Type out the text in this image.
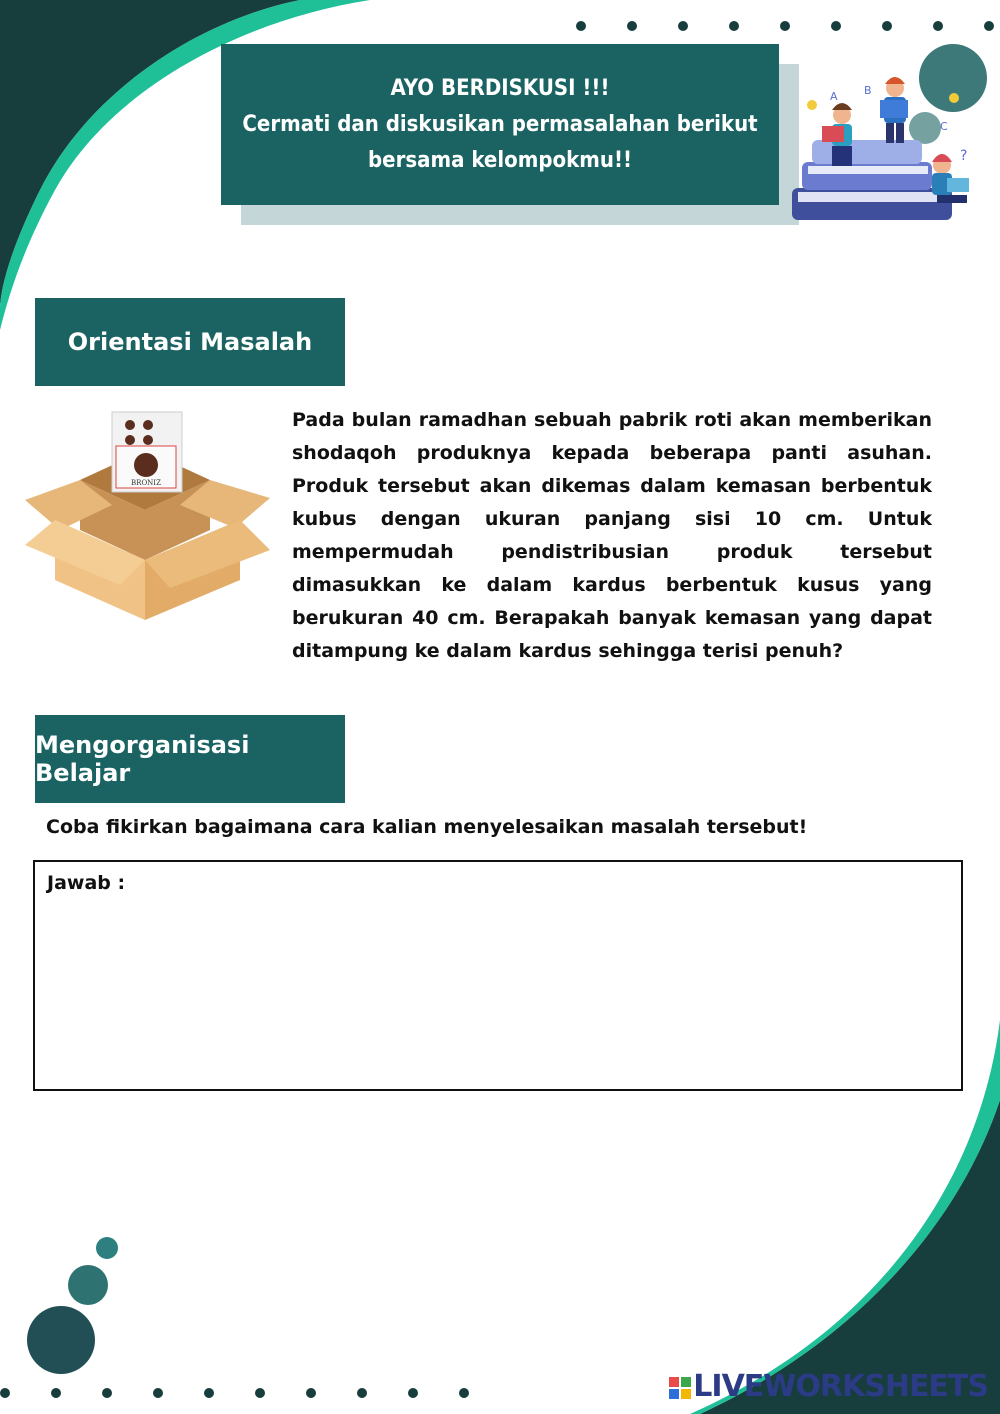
AYO BERDISKUSI !!!
Cermati dan diskusikan permasalahan berikut
bersama kelompokmu!!
B
A
C
?
Orientasi Masalah
BRONIZ
Pada bulan ramadhan sebuah pabrik roti akan memberikan shodaqoh produknya kepada beberapa panti asuhan. Produk tersebut akan dikemas dalam kemasan berbentuk kubus dengan ukuran panjang sisi 10 cm. Untuk mempermudah pendistribusian produk tersebut dimasukkan ke dalam kardus berbentuk kusus yang berukuran 40 cm. Berapakah banyak kemasan yang dapat ditampung ke dalam kardus sehingga terisi penuh?
Mengorganisasi Belajar
Coba fikirkan bagaimana cara kalian menyelesaikan masalah tersebut!
Jawab :
LIVEWORKSHEETS
